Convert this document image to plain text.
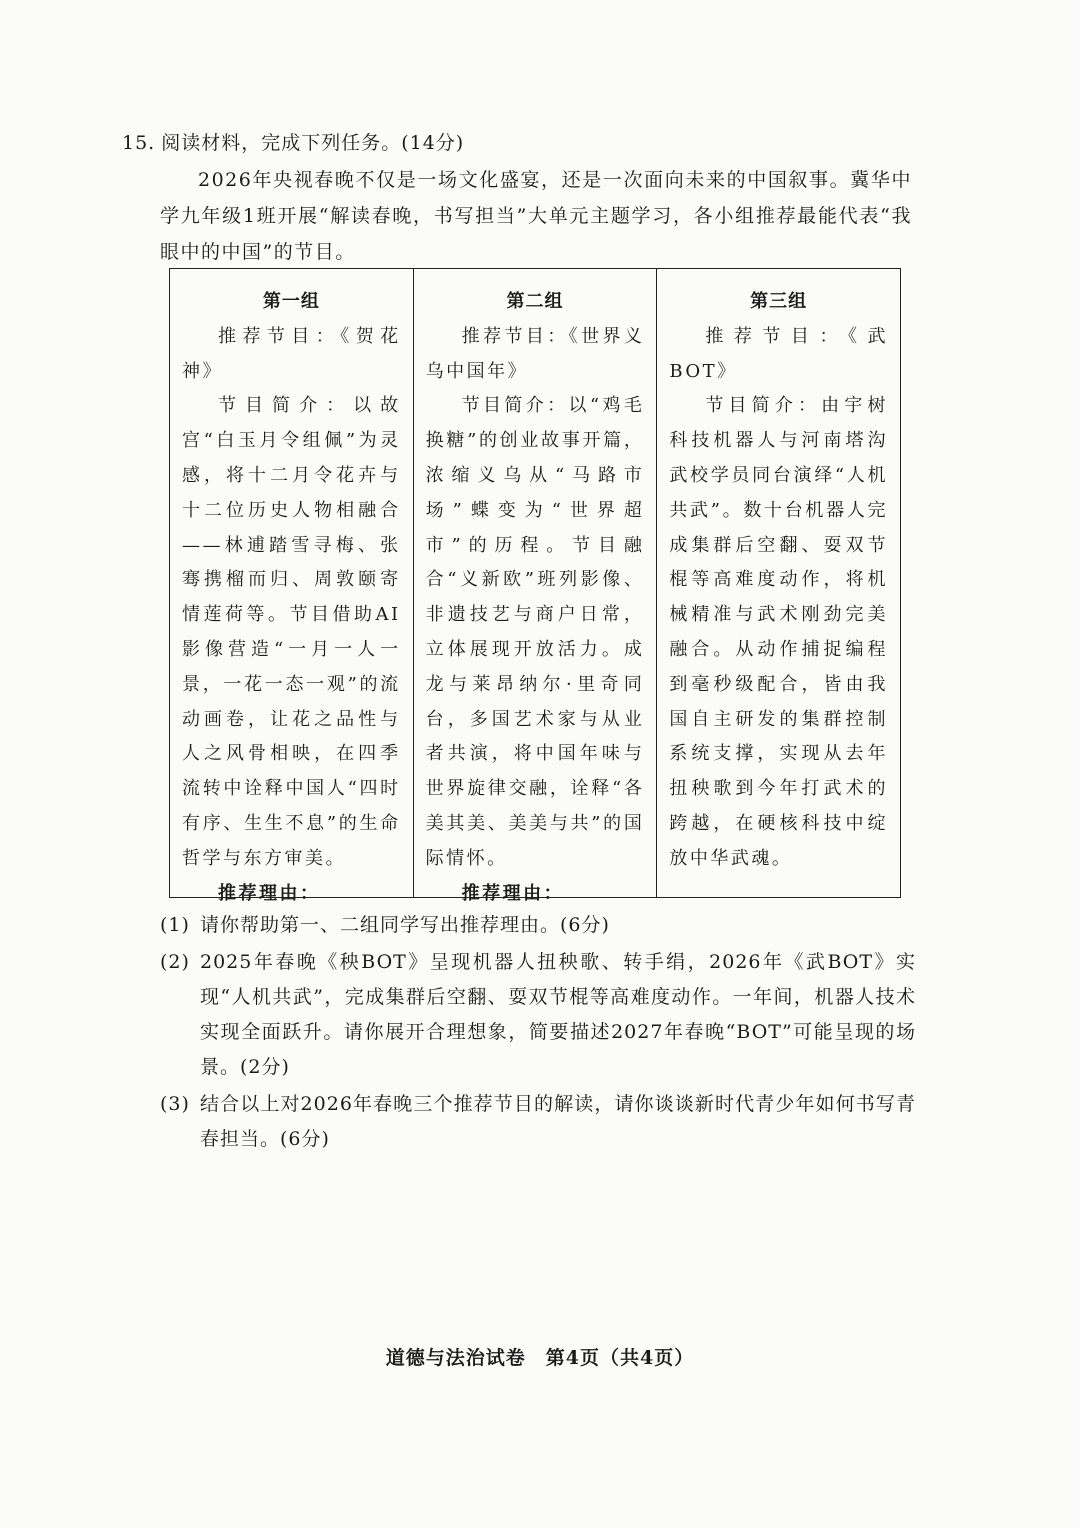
15. 阅读材料，完成下列任务。(14分)
2026年央视春晚不仅是一场文化盛宴，还是一次面向未来的中国叙事。冀华中学九年级1班开展“解读春晚，书写担当”大单元主题学习，各小组推荐最能代表“我眼中的中国”的节目。
第一组

推荐节目：《贺花神》

节目简介：以故宫“白玉月令组佩”为灵感，将十二月令花卉与十二位历史人物相融合——林逋踏雪寻梅、张骞携榴而归、周敦颐寄情莲荷等。节目借助AI影像营造“一月一人一景，一花一态一观”的流动画卷，让花之品性与人之风骨相映，在四季流转中诠释中国人“四时有序、生生不息”的生命哲学与东方审美。

推荐理由：

第二组

推荐节目：《世界义乌中国年》

节目简介：以“鸡毛换糖”的创业故事开篇，浓缩义乌从“马路市场”蝶变为“世界超市”的历程。节目融合“义新欧”班列影像、非遗技艺与商户日常，立体展现开放活力。成龙与莱昂纳尔·里奇同台，多国艺术家与从业者共演，将中国年味与世界旋律交融，诠释“各美其美、美美与共”的国际情怀。

推荐理由：

第三组

推荐节目：《武BOT》

节目简介：由宇树科技机器人与河南塔沟武校学员同台演绎“人机共武”。数十台机器人完成集群后空翻、耍双节棍等高难度动作，将机械精准与武术刚劲完美融合。从动作捕捉编程到毫秒级配合，皆由我国自主研发的集群控制系统支撑，实现从去年扭秧歌到今年打武术的跨越，在硬核科技中绽放中华武魂。

(1) 请你帮助第一、二组同学写出推荐理由。(6分)
(2) 2025年春晚《秧BOT》呈现机器人扭秧歌、转手绢，2026年《武BOT》实现“人机共武”，完成集群后空翻、耍双节棍等高难度动作。一年间，机器人技术实现全面跃升。请你展开合理想象，简要描述2027年春晚“BOT”可能呈现的场景。(2分)
(3) 结合以上对2026年春晚三个推荐节目的解读，请你谈谈新时代青少年如何书写青春担当。(6分)
道德与法治试卷　第4页（共4页）
